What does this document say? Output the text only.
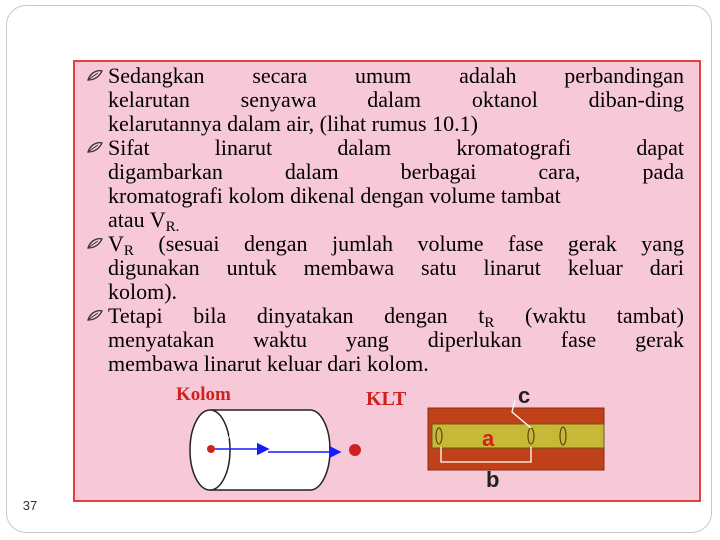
Sedangkan secara umum adalah perbandingan
kelarutan senyawa dalam oktanol diban-ding
kelarutannya dalam air, (lihat rumus 10.1)
Sifat linarut dalam kromatografi dapat
digambarkan dalam berbagai cara, pada
kromatografi kolom dikenal dengan volume tambat
atau $V_{R.}$
$V_R$ (sesuai dengan jumlah volume fase gerak yang
digunakan untuk membawa satu linarut keluar dari
kolom).
Tetapi bila dinyatakan dengan $t_R$ (waktu tambat)
menyatakan waktu yang diperlukan fase gerak
membawa linarut keluar dari kolom.
Kolom	KLT
VR1
VR2
a
c
b
37
